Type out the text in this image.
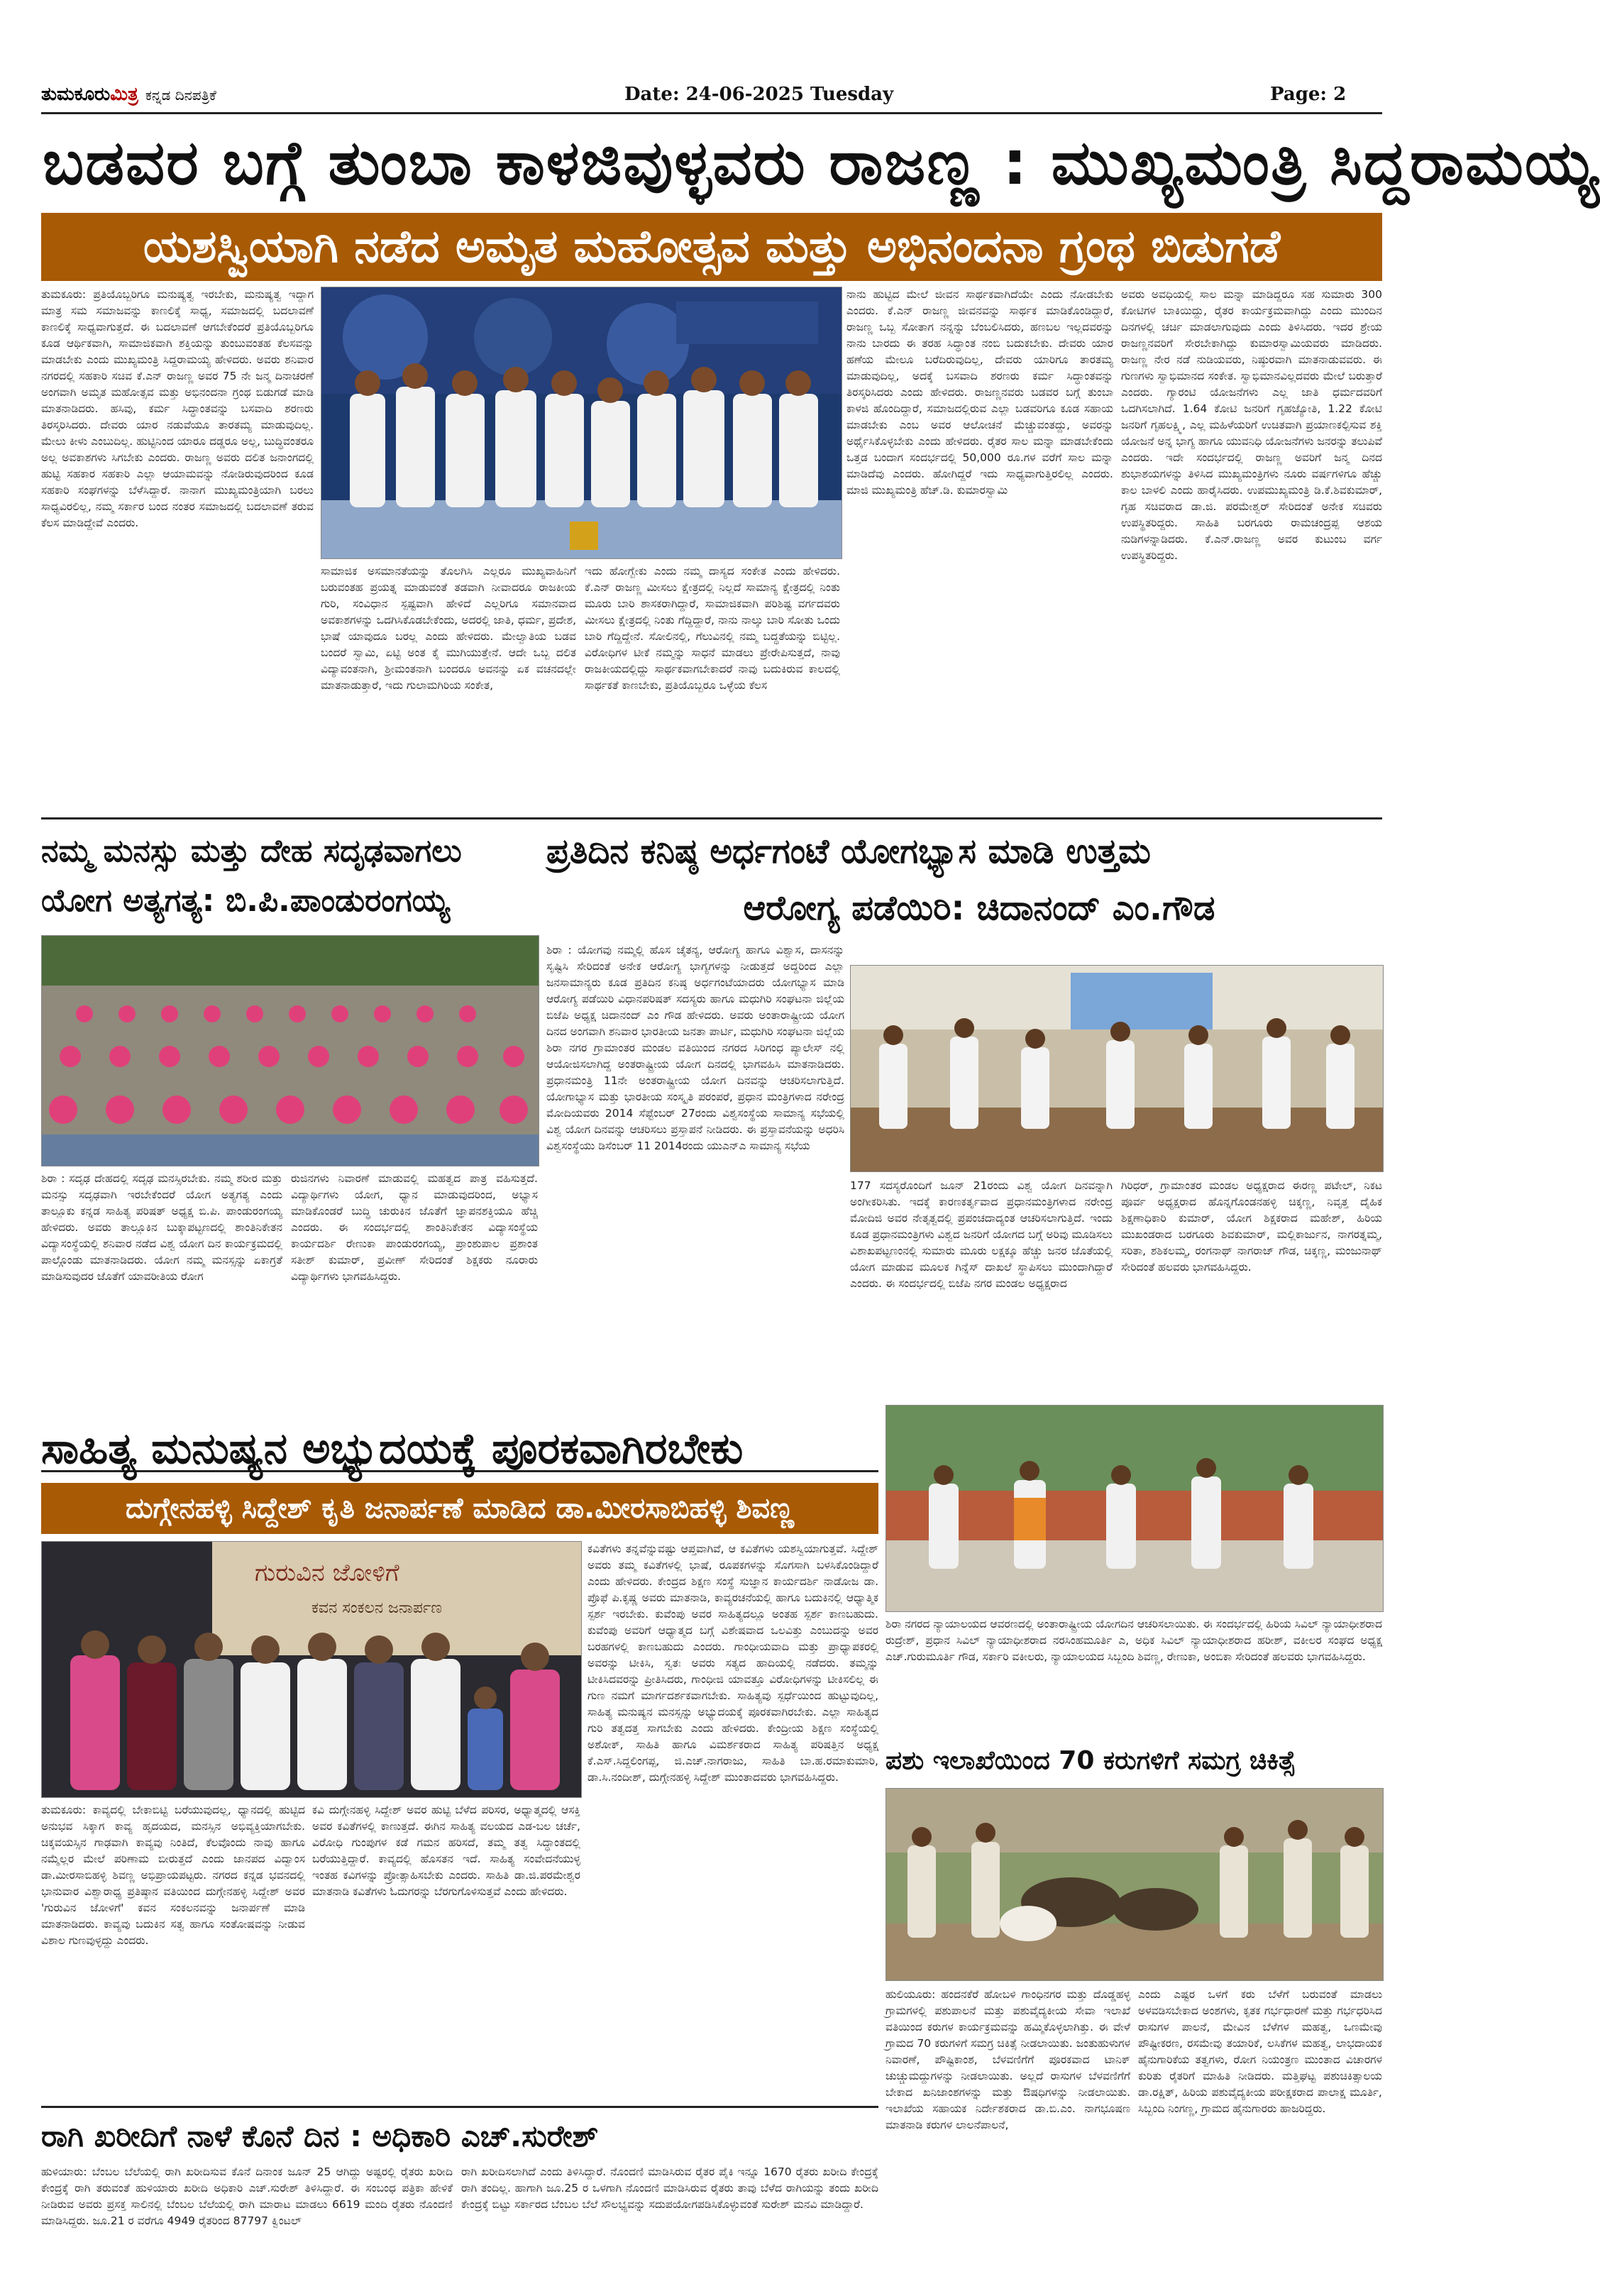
ತುಮಕೂರುಮಿತ್ರ ಕನ್ನಡ ದಿನಪತ್ರಿಕೆ	Date: 24-06-2025 Tuesday	Page: 2
ಬಡವರ ಬಗ್ಗೆ ತುಂಬಾ ಕಾಳಜಿವುಳ್ಳವರು ರಾಜಣ್ಣ : ಮುಖ್ಯಮಂತ್ರಿ ಸಿದ್ದರಾಮಯ್ಯ
ಯಶಸ್ವಿಯಾಗಿ ನಡೆದ ಅಮೃತ ಮಹೋತ್ಸವ ಮತ್ತು ಅಭಿನಂದನಾ ಗ್ರಂಥ ಬಿಡುಗಡೆ
ತುಮಕೂರು: ಪ್ರತಿಯೊಬ್ಬರಿಗೂ ಮನುಷ್ಯತ್ವ ಇರಬೇಕು, ಮನುಷ್ಯತ್ವ ಇದ್ದಾಗ ಮಾತ್ರ ಸಮ ಸಮಾಜವನ್ನು ಕಾಣಲಿಕ್ಕೆ ಸಾಧ್ಯ, ಸಮಾಜದಲ್ಲಿ ಬದಲಾವಣೆ ಕಾಣಲಿಕ್ಕೆ ಸಾಧ್ಯವಾಗುತ್ತದೆ. ಈ ಬದಲಾವಣೆ ಆಗಬೇಕೆಂದರೆ ಪ್ರತಿಯೊಬ್ಬರಿಗೂ ಕೂಡ ಆರ್ಥಿಕವಾಗಿ, ಸಾಮಾಜಿಕವಾಗಿ ಶಕ್ತಿಯನ್ನು ತುಂಬುವಂತಹ ಕೆಲಸವನ್ನು ಮಾಡಬೇಕು ಎಂದು ಮುಖ್ಯಮಂತ್ರಿ ಸಿದ್ದರಾಮಯ್ಯ ಹೇಳಿದರು. ಅವರು ಶನಿವಾರ ನಗರದಲ್ಲಿ ಸಹಕಾರಿ ಸಚಿವ ಕೆ.ಎನ್ ರಾಜಣ್ಣ ಅವರ 75 ನೇ ಜನ್ಮ ದಿನಾಚರಣೆ ಅಂಗವಾಗಿ ಅಮೃತ ಮಹೋತ್ಸವ ಮತ್ತು ಅಭಿನಂದನಾ ಗ್ರಂಥ ಬಿಡುಗಡೆ ಮಾಡಿ ಮಾತನಾಡಿದರು. ಹಸಿವು, ಕರ್ಮ ಸಿದ್ಧಾಂತವನ್ನು ಬಸವಾದಿ ಶರಣರು ತಿರಸ್ಕರಿಸಿದರು. ದೇವರು ಯಾರ ನಡುವೆಯೂ ತಾರತಮ್ಯ ಮಾಡುವುದಿಲ್ಲ. ಮೇಲು ಕೀಳು ಎಂಬುದಿಲ್ಲ. ಹುಟ್ಟಿನಿಂದ ಯಾರೂ ದಡ್ಡರೂ ಅಲ್ಲ, ಬುದ್ಧಿವಂತರೂ ಅಲ್ಲ ಅವಕಾಶಗಳು ಸಿಗಬೇಕು ಎಂದರು. ರಾಜಣ್ಣ ಅವರು ದಲಿತ ಜನಾಂಗದಲ್ಲಿ ಹುಟ್ಟಿ ಸಹಕಾರ ಸಹಕಾರಿ ಎಲ್ಲಾ ಆಯಾಮವನ್ನು ನೋಡಿರುವುದರಿಂದ ಕೂಡ ಸಹಕಾರಿ ಸಂಘಗಳನ್ನು ಬೆಳೆಸಿದ್ದಾರೆ. ನಾನಾಗ ಮುಖ್ಯಮಂತ್ರಿಯಾಗಿ ಬರಲು ಸಾಧ್ಯವಿರಲಿಲ್ಲ, ನಮ್ಮ ಸರ್ಕಾರ ಬಂದ ನಂತರ ಸಮಾಜದಲ್ಲಿ ಬದಲಾವಣೆ ತರುವ ಕೆಲಸ ಮಾಡಿದ್ದೇವೆ ಎಂದರು.
ಸಾಮಾಜಿಕ ಅಸಮಾನತೆಯನ್ನು ತೊಲಗಿಸಿ ಎಲ್ಲರೂ ಮುಖ್ಯವಾಹಿನಿಗೆ ಬರುವಂತಹ ಪ್ರಯತ್ನ ಮಾಡುವಂತೆ ತಡವಾಗಿ ನೀವಾದರೂ ರಾಜಕೀಯ ಗುರಿ, ಸಂವಿಧಾನ ಸ್ಪಷ್ಟವಾಗಿ ಹೇಳಿದೆ ಎಲ್ಲರಿಗೂ ಸಮಾನವಾದ ಅವಕಾಶಗಳನ್ನು ಒದಗಿಸಿಕೊಡಬೇಕೆಂದು, ಅದರಲ್ಲಿ ಜಾತಿ, ಧರ್ಮ, ಪ್ರದೇಶ, ಭಾಷೆ ಯಾವುದೂ ಬರಲ್ಲ ಎಂದು ಹೇಳಿದರು. ಮೇಲ್ವಾತಿಯ ಬಡವ ಬಂದರೆ ಸ್ವಾಮಿ, ಏಟ್ಟಿ ಅಂತ ಕೈ ಮುಗಿಯುತ್ತೇನೆ. ಆದೇ ಒಬ್ಬ ದಲಿತ ವಿದ್ಯಾವಂತನಾಗಿ, ಶ್ರೀಮಂತನಾಗಿ ಬಂದರೂ ಅವನನ್ನು ಏಕ ವಚನದಲ್ಲೇ ಮಾತನಾಡುತ್ತಾರೆ, ಇದು ಗುಲಾಮಗಿರಿಯ ಸಂಕೇತ,
ಇದು ಹೋಗ್ಬೇಕು ಎಂದು ನಮ್ಮ ದಾಸ್ಯದ ಸಂಕೇತ ಎಂದು ಹೇಳಿದರು. ಕೆ.ಎನ್ ರಾಜಣ್ಣ ಮೀಸಲು ಕ್ಷೇತ್ರದಲ್ಲಿ ನಿಲ್ಲದೆ ಸಾಮಾನ್ಯ ಕ್ಷೇತ್ರದಲ್ಲಿ ನಿಂತು ಮೂರು ಬಾರಿ ಶಾಸಕರಾಗಿದ್ದಾರೆ, ಸಾಮಾಜಿಕವಾಗಿ ಪರಿಶಿಷ್ಟ ವರ್ಗದವರು ಮೀಸಲು ಕ್ಷೇತ್ರದಲ್ಲಿ ನಿಂತು ಗೆದ್ದಿದ್ದಾರೆ, ನಾನು ನಾಲ್ಕು ಬಾರಿ ಸೋತು ಒಂದು ಬಾರಿ ಗೆದ್ದಿದ್ದೇನೆ. ಸೋಲಿನಲ್ಲಿ, ಗೆಲುವಿನಲ್ಲಿ ನಮ್ಮ ಬದ್ಧತೆಯನ್ನು ಬಿಟ್ಟಿಲ್ಲ. ವಿರೋಧಿಗಳ ಟೀಕೆ ನಮ್ಮನ್ನು ಸಾಧನೆ ಮಾಡಲು ಪ್ರೇರೇಪಿಸುತ್ತದೆ, ನಾವು ರಾಜಕೀಯದಲ್ಲಿದ್ದು ಸಾರ್ಥಕವಾಗಬೇಕಾದರೆ ನಾವು ಬದುಕಿರುವ ಕಾಲದಲ್ಲಿ ಸಾರ್ಥಕತೆ ಕಾಣಬೇಕು, ಪ್ರತಿಯೊಬ್ಬರೂ ಒಳ್ಳೆಯ ಕೆಲಸ
ನಾನು ಹುಟ್ಟಿದ ಮೇಲೆ ಜೀವನ ಸಾರ್ಥಕವಾಗಿದೆಯೇ ಎಂದು ನೋಡಬೇಕು ಎಂದರು. ಕೆ.ಎನ್ ರಾಜಣ್ಣ ಜೀವನವನ್ನು ಸಾರ್ಥಕ ಮಾಡಿಕೊಂಡಿದ್ದಾರೆ, ರಾಜಣ್ಣ ಒಬ್ಬ ಸೋತಾಗ ನನ್ನನ್ನು ಬೆಂಬಲಿಸಿದರು, ಹಣಬಲ ಇಲ್ಲದವರನ್ನು ನಾನು ಬಾರದು ಈ ತರಹ ಸಿದ್ಧಾಂತ ನಂಬಿ ಬದುಕಬೇಕು. ದೇವರು ಯಾರ ಹಣೆಯ ಮೇಲೂ ಬರೆದಿರುವುದಿಲ್ಲ, ದೇವರು ಯಾರಿಗೂ ತಾರತಮ್ಯ ಮಾಡುವುದಿಲ್ಲ, ಅದಕ್ಕೆ ಬಸವಾದಿ ಶರಣರು ಕರ್ಮ ಸಿದ್ಧಾಂತವನ್ನು ತಿರಸ್ಕರಿಸಿದರು ಎಂದು ಹೇಳಿದರು. ರಾಜಣ್ಣನವರು ಬಡವರ ಬಗ್ಗೆ ತುಂಬಾ ಕಾಳಜಿ ಹೊಂದಿದ್ದಾರೆ, ಸಮಾಜದಲ್ಲಿರುವ ಎಲ್ಲಾ ಬಡವರಿಗೂ ಕೂಡ ಸಹಾಯ ಮಾಡಬೇಕು ಎಂಬ ಅವರ ಆಲೋಚನೆ ಮೆಚ್ಚುವಂತದ್ದು, ಅವರನ್ನು ಅರ್ಥೈಸಿಕೊಳ್ಳಬೇಕು ಎಂದು ಹೇಳಿದರು. ರೈತರ ಸಾಲ ಮನ್ನಾ ಮಾಡಬೇಕೆಂದು ಒತ್ತಡ ಬಂದಾಗ ಸಂದರ್ಭದಲ್ಲಿ 50,000 ರೂ.ಗಳ ವರೆಗೆ ಸಾಲ ಮನ್ನಾ ಮಾಡಿದೆವು ಎಂದರು. ಹೋಗಿದ್ದರೆ ಇದು ಸಾಧ್ಯವಾಗುತ್ತಿರಲಿಲ್ಲ ಎಂದರು. ಮಾಜಿ ಮುಖ್ಯಮಂತ್ರಿ ಹೆಚ್.ಡಿ. ಕುಮಾರಸ್ವಾಮಿ
ಅವರು ಅವಧಿಯಲ್ಲಿ ಸಾಲ ಮನ್ನಾ ಮಾಡಿದ್ದರೂ ಸಹ ಸುಮಾರು 300 ಕೋಟಿಗಳ ಬಾಕಿಯಿದ್ದು, ರೈತರ ಕಾರ್ಯಕ್ರಮವಾಗಿದ್ದು ಎಂದು ಮುಂದಿನ ದಿನಗಳಲ್ಲಿ ಚರ್ಚಿ ಮಾಡಲಾಗುವುದು ಎಂದು ತಿಳಿಸಿದರು. ಇದರ ಶ್ರೇಯ ರಾಜಣ್ಣನವರಿಗೆ ಸೇರಬೇಕಾಗಿದ್ದು ಕುಮಾರಸ್ವಾಮಿಯವರು ಮಾಡಿದರು. ರಾಜಣ್ಣ ನೇರ ನಡೆ ನುಡಿಯವರು, ನಿಷ್ಠುರವಾಗಿ ಮಾತನಾಡುವವರು. ಈ ಗುಣಗಳು ಸ್ವಾಭಿಮಾನದ ಸಂಕೇತ. ಸ್ವಾಭಿಮಾನವಿಲ್ಲದವರು ಮೇಲೆ ಬರುತ್ತಾರೆ ಎಂದರು. ಗ್ಯಾರಂಟಿ ಯೋಜನೆಗಳು ಎಲ್ಲ ಜಾತಿ ಧರ್ಮದವರಿಗೆ ಒದಗಿಸಲಾಗಿದೆ. 1.64 ಕೋಟಿ ಜನರಿಗೆ ಗೃಹಜ್ಯೋತಿ, 1.22 ಕೋಟಿ ಜನರಿಗೆ ಗೃಹಲಕ್ಷ್ಮಿ, ಎಲ್ಲ ಮಹಿಳೆಯರಿಗೆ ಉಚಿತವಾಗಿ ಪ್ರಯಾಣಕಲ್ಪಿಸುವ ಶಕ್ತಿ ಯೋಜನೆ ಅನ್ನ ಭಾಗ್ಯ ಹಾಗೂ ಯುವನಿಧಿ ಯೋಜನೆಗಳು ಜನರನ್ನು ತಲುಪಿವೆ ಎಂದರು. ಇದೇ ಸಂದರ್ಭದಲ್ಲಿ ರಾಜಣ್ಣ ಅವರಿಗೆ ಜನ್ಮ ದಿನದ ಶುಭಾಶಯಗಳನ್ನು ತಿಳಿಸಿದ ಮುಖ್ಯಮಂತ್ರಿಗಳು ನೂರು ವರ್ಷಗಳಿಗೂ ಹೆಚ್ಚು ಕಾಲ ಬಾಳಲಿ ಎಂದು ಹಾರೈಸಿದರು. ಉಪಮುಖ್ಯಮಂತ್ರಿ ಡಿ.ಕೆ.ಶಿವಕುಮಾರ್, ಗೃಹ ಸಚಿವರಾದ ಡಾ.ಜಿ. ಪರಮೇಶ್ವರ್ ಸೇರಿದಂತೆ ಅನೇಕ ಸಚಿವರು ಉಪಸ್ಥಿತರಿದ್ದರು. ಸಾಹಿತಿ ಬರಗೂರು ರಾಮಚಂದ್ರಪ್ಪ ಆಶಯ ನುಡಿಗಳನ್ನಾಡಿದರು. ಕೆ.ಎನ್.ರಾಜಣ್ಣ ಅವರ ಕುಟುಂಬ ವರ್ಗ ಉಪಸ್ಥಿತರಿದ್ದರು.
ನಮ್ಮ ಮನಸ್ಸು ಮತ್ತು ದೇಹ ಸದೃಢವಾಗಲು
ಯೋಗ ಅತ್ಯಗತ್ಯ: ಬಿ.ಪಿ.ಪಾಂಡುರಂಗಯ್ಯ
ಶಿರಾ : ಸದೃಢ ದೇಹದಲ್ಲಿ ಸದೃಢ ಮನಸ್ಸಿರಬೇಕು. ನಮ್ಮ ಶರೀರ ಮತ್ತು ಮನಸ್ಸು ಸದೃಢವಾಗಿ ಇರಬೇಕೆಂದರೆ ಯೋಗ ಅತ್ಯಗತ್ಯ ಎಂದು ತಾಲ್ಲೂಕು ಕನ್ನಡ ಸಾಹಿತ್ಯ ಪರಿಷತ್ ಅಧ್ಯಕ್ಷ ಬಿ.ಪಿ. ಪಾಂಡುರಂಗಯ್ಯ ಹೇಳಿದರು. ಅವರು ತಾಲ್ಲೂಕಿನ ಬುಕ್ಕಾಪಟ್ಟಣದಲ್ಲಿ ಶಾಂತಿನಿಕೇತನ ವಿದ್ಯಾಸಂಸ್ಥೆಯಲ್ಲಿ ಶನಿವಾರ ನಡೆದ ವಿಶ್ವ ಯೋಗ ದಿನ ಕಾರ್ಯಕ್ರಮದಲ್ಲಿ ಪಾಲ್ಗೊಂಡು ಮಾತನಾಡಿದರು. ಯೋಗ ನಮ್ಮ ಮನಸ್ಸನ್ನು ಏಕಾಗ್ರತೆ ಮಾಡಿಸುವುದರ ಜೊತೆಗೆ ಯಾವರೀತಿಯ ರೋಗ
ರುಜಿನಗಳು ನಿವಾರಣೆ ಮಾಡುವಲ್ಲಿ ಮಹತ್ವದ ಪಾತ್ರ ವಹಿಸುತ್ತದೆ. ವಿದ್ಯಾರ್ಥಿಗಳು ಯೋಗ, ಧ್ಯಾನ ಮಾಡುವುದರಿಂದ, ಅಭ್ಯಾಸ ಮಾಡಿಕೊಂಡರೆ ಬುದ್ಧಿ ಚುರುಕಿನ ಜೊತೆಗೆ ಜ್ಞಾಪನಶಕ್ತಿಯೂ ಹೆಚ್ಚಿ ಎಂದರು. ಈ ಸಂದರ್ಭದಲ್ಲಿ ಶಾಂತಿನಿಕೇತನ ವಿದ್ಯಾಸಂಸ್ಥೆಯ ಕಾರ್ಯದರ್ಶಿ ರೇಣುಕಾ ಪಾಂಡುರಂಗಯ್ಯ, ಪ್ರಾಂಶುಪಾಲ ಪ್ರಶಾಂತ ಸತೀಶ್ ಕುಮಾರ್, ಪ್ರವೀಣ್ ಸೇರಿದಂತೆ ಶಿಕ್ಷಕರು ನೂರಾರು ವಿದ್ಯಾರ್ಥಿಗಳು ಭಾಗವಹಿಸಿದ್ದರು.
ಪ್ರತಿದಿನ ಕನಿಷ್ಠ ಅರ್ಧಗಂಟೆ ಯೋಗಭ್ಯಾಸ ಮಾಡಿ ಉತ್ತಮ
ಆರೋಗ್ಯ ಪಡೆಯಿರಿ: ಚಿದಾನಂದ್ ಎಂ.ಗೌಡ
ಶಿರಾ : ಯೋಗವು ನಮ್ಮಲ್ಲಿ ಹೊಸ ಚೈತನ್ಯ, ಆರೋಗ್ಯ ಹಾಗೂ ವಿಶ್ವಾಸ, ದಾಸನನ್ನು ಸೃಷ್ಟಿಸಿ ಸೇರಿದಂತೆ ಅನೇಕ ಆರೋಗ್ಯ ಭಾಗ್ಯಗಳನ್ನು ನೀಡುತ್ತದೆ ಅದ್ದರಿಂದ ಎಲ್ಲಾ ಜನಸಾಮಾನ್ಯರು ಕೂಡ ಪ್ರತಿದಿನ ಕನಿಷ್ಠ ಅರ್ಧಗಂಟೆಯಾದರು ಯೋಗಭ್ಯಾಸ ಮಾಡಿ ಆರೋಗ್ಯ ಪಡೆಯಿರಿ ವಿಧಾನಪರಿಷತ್ ಸದಸ್ಯರು ಹಾಗೂ ಮಧುಗಿರಿ ಸಂಘಟನಾ ಜಿಲ್ಲೆಯ ಬಿಜೆಪಿ ಅಧ್ಯಕ್ಷ ಚಿದಾನಂದ್ ಎಂ ಗೌಡ ಹೇಳಿದರು. ಅವರು ಅಂತಾರಾಷ್ಟ್ರೀಯ ಯೋಗ ದಿನದ ಅಂಗವಾಗಿ ಶನಿವಾರ ಭಾರತೀಯ ಜನತಾ ಪಾರ್ಟಿ, ಮಧುಗಿರಿ ಸಂಘಟನಾ ಜಿಲ್ಲೆಯ ಶಿರಾ ನಗರ ಗ್ರಾಮಾಂತರ ಮಂಡಲ ವತಿಯಿಂದ ನಗರದ ಸಿರಿಗಂಧ ಪ್ಯಾಲೇಸ್ ನಲ್ಲಿ ಆಯೋಜಿಸಲಾಗಿದ್ದ ಅಂತರಾಷ್ಟ್ರೀಯ ಯೋಗ ದಿನದಲ್ಲಿ ಭಾಗವಹಿಸಿ ಮಾತನಾಡಿದರು. ಪ್ರಧಾನಮಂತ್ರಿ 11ನೇ ಅಂತರಾಷ್ಟ್ರೀಯ ಯೋಗ ದಿನವನ್ನು ಆಚರಿಸಲಾಗುತ್ತಿದೆ. ಯೋಗಾಭ್ಯಾಸ ಮತ್ತು ಭಾರತೀಯ ಸಂಸ್ಕೃತಿ ಪರಂಪರೆ, ಪ್ರಧಾನ ಮಂತ್ರಿಗಳಾದ ನರೇಂದ್ರ ಮೋದಿಯವರು 2014 ಸೆಪ್ಟೆಂಬರ್ 27ರಂದು ವಿಶ್ವಸಂಸ್ಥೆಯ ಸಾಮಾನ್ಯ ಸಭೆಯಲ್ಲಿ ವಿಶ್ವ ಯೋಗ ದಿನವನ್ನು ಆಚರಿಸಲು ಪ್ರಸ್ತಾಪನೆ ನೀಡಿದರು. ಈ ಪ್ರಸ್ತಾವನೆಯನ್ನು ಅಧರಿಸಿ ವಿಶ್ವಸಂಸ್ಥೆಯು ಡಿಸೆಂಬರ್ 11 2014ರಂದು ಯುಎನ್ಎ ಸಾಮಾನ್ಯ ಸಭೆಯ
177 ಸದಸ್ಯರೊಂದಿಗೆ ಜೂನ್ 21ರಂದು ವಿಶ್ವ ಯೋಗ ದಿನವನ್ನಾಗಿ ಅಂಗೀಕರಿಸಿತು. ಇದಕ್ಕೆ ಕಾರಣಕರ್ತೃವಾದ ಪ್ರಧಾನಮಂತ್ರಿಗಳಾದ ನರೇಂದ್ರ ಮೋದಿಜಿ ಅವರ ನೇತೃತ್ವದಲ್ಲಿ ಪ್ರಪಂಚದಾದ್ಯಂತ ಆಚರಿಸಲಾಗುತ್ತಿದೆ. ಇಂದು ಕೂಡ ಪ್ರಧಾನಮಂತ್ರಿಗಳು ವಿಶ್ವದ ಜನರಿಗೆ ಯೋಗದ ಬಗ್ಗೆ ಅರಿವು ಮೂಡಿಸಲು ವಿಶಾಖಪಟ್ಟಣಂನಲ್ಲಿ ಸುಮಾರು ಮೂರು ಲಕ್ಷಕ್ಕೂ ಹೆಚ್ಚು ಜನರ ಜೊತೆಯಲ್ಲಿ ಯೋಗ ಮಾಡುವ ಮೂಲಕ ಗಿನ್ನೆಸ್ ದಾಖಲೆ ಸ್ಥಾಪಿಸಲು ಮುಂದಾಗಿದ್ದಾರೆ ಎಂದರು. ಈ ಸಂದರ್ಭದಲ್ಲಿ ಬಿಜೆಪಿ ನಗರ ಮಂಡಲ ಅಧ್ಯಕ್ಷರಾದ
ಗಿರಿಧರ್, ಗ್ರಾಮಾಂತರ ಮಂಡಲ ಅಧ್ಯಕ್ಷರಾದ ಈರಣ್ಣ ಪಟೇಲ್, ನಿಕಟ ಪೂರ್ವ ಅಧ್ಯಕ್ಷರಾದ ಹೊನ್ನಗೊಂಡನಹಳ್ಳಿ ಚಿಕ್ಕಣ್ಣ, ನಿವೃತ್ತ ದೈಹಿಕ ಶಿಕ್ಷಣಾಧಿಕಾರಿ ಕುಮಾರ್, ಯೋಗ ಶಿಕ್ಷಕರಾದ ಮಹೇಶ್, ಹಿರಿಯ ಮುಖಂಡರಾದ ಬರಗೂರು ಶಿವಕುಮಾರ್, ಮಲ್ಲಿಕಾರ್ಜುನ, ನಾಗರತ್ನಮ್ಮ, ಸರಿತಾ, ಶಶಿಕಲಮ್ಮ, ರಂಗನಾಥ್ ನಾಗರಾಜ್ ಗೌಡ, ಚಿಕ್ಕಣ್ಣ, ಮಂಜುನಾಥ್ ಸೇರಿದಂತೆ ಹಲವರು ಭಾಗವಹಿಸಿದ್ದರು.
ಸಾಹಿತ್ಯ ಮನುಷ್ಯನ ಅಭ್ಯುದಯಕ್ಕೆ ಪೂರಕವಾಗಿರಬೇಕು
ದುಗ್ಗೇನಹಳ್ಳಿ ಸಿದ್ದೇಶ್ ಕೃತಿ ಜನಾರ್ಪಣೆ ಮಾಡಿದ ಡಾ.ಮೀರಸಾಬಿಹಳ್ಳಿ ಶಿವಣ್ಣ
ಗುರುವಿನ ಜೋಳಿಗೆ
ಕವನ ಸಂಕಲನ ಜನಾರ್ಪಣ
ಕವಿತೆಗಳು ತನ್ನವೆನ್ನುವಷ್ಟು ಆಪ್ತವಾಗಿವೆ, ಆ ಕವಿತೆಗಳು ಯಶಸ್ವಿಯಾಗುತ್ತವೆ. ಸಿದ್ದೇಶ್ ಅವರು ತಮ್ಮ ಕವಿತೆಗಳಲ್ಲಿ ಭಾಷೆ, ರೂಪಕಗಳನ್ನು ಸೊಗಸಾಗಿ ಬಳಸಿಕೊಂಡಿದ್ದಾರೆ ಎಂದು ಹೇಳಿದರು. ಕೇಂದ್ರದ ಶಿಕ್ಷಣ ಸಂಸ್ಥೆ ಸುಜ್ಞಾನ ಕಾರ್ಯದರ್ಶಿ ನಾಡೋಜ ಡಾ. ಪ್ರೊಫೆ ಪಿ.ಕೃಷ್ಣ ಅವರು ಮಾತನಾಡಿ, ಕಾವ್ಯರಚನೆಯಲ್ಲಿ ಹಾಗೂ ಬದುಕಿನಲ್ಲಿ ಆಧ್ಯಾತ್ಮಿಕ ಸ್ಪರ್ಶ ಇರಬೇಕು. ಕುವೆಂಪು ಅವರ ಸಾಹಿತ್ಯದಲ್ಲೂ ಅಂತಹ ಸ್ಪರ್ಶ ಕಾಣಬಹುದು. ಕುವೆಂಪು ಅವರಿಗೆ ಆಧ್ಯಾತ್ಮದ ಬಗ್ಗೆ ವಿಶೇಷವಾದ ಒಲವಿತ್ತು ಎಂಬುದನ್ನು ಅವರ ಬರಹಗಳಲ್ಲಿ ಕಾಣಬಹುದು ಎಂದರು. ಗಾಂಧೀಯವಾದಿ ಮತ್ತು ಪ್ರಾಧ್ಯಾಪಕರಲ್ಲಿ ಅವರನ್ನು ಟೀಕಿಸಿ, ಸ್ವತಃ ಅವರು ಸತ್ಯದ ಹಾದಿಯಲ್ಲಿ ನಡೆದರು. ತಮ್ಮನ್ನು ಟೀಕಿಸಿದವರನ್ನು ಪ್ರೀತಿಸಿದರು, ಗಾಂಧೀಜಿ ಯಾವತ್ತೂ ವಿರೋಧಿಗಳನ್ನು ಟೀಕಿಸಲಿಲ್ಲ ಈ ಗುಣ ನಮಗೆ ಮಾರ್ಗದರ್ಶಕವಾಗಬೇಕು. ಸಾಹಿತ್ಯವು ಸ್ಪರ್ಧೆಯಿಂದ ಹುಟ್ಟುವುದಿಲ್ಲ, ಸಾಹಿತ್ಯ ಮನುಷ್ಯನ ಮನಸ್ಸನ್ನು ಅಭ್ಯುದಯಕ್ಕೆ ಪೂರಕವಾಗಿರಬೇಕು. ಎಲ್ಲಾ ಸಾಹಿತ್ಯದ ಗುರಿ ತತ್ವದತ್ತ ಸಾಗಬೇಕು ಎಂದು ಹೇಳಿದರು. ಕೇಂದ್ರೀಯ ಶಿಕ್ಷಣ ಸಂಸ್ಥೆಯಲ್ಲಿ ಅಶೋಕ್, ಸಾಹಿತಿ ಹಾಗೂ ವಿಮರ್ಶಕರಾದ ಸಾಹಿತ್ಯ ಪರಿಷತ್ತಿನ ಅಧ್ಯಕ್ಷ ಕೆ.ಎಸ್.ಸಿದ್ದಲಿಂಗಪ್ಪ, ಜಿ.ಎಚ್.ನಾಗರಾಜು, ಸಾಹಿತಿ ಬಾ.ಹ.ರಮಾಕುಮಾರಿ, ಡಾ.ಸಿ.ನಂದೀಶ್, ದುಗ್ಗೇನಹಳ್ಳಿ ಸಿದ್ದೇಶ್ ಮುಂತಾದವರು ಭಾಗವಹಿಸಿದ್ದರು.
ತುಮಕೂರು: ಕಾವ್ಯದಲ್ಲಿ ಬೇಕಾಬಿಟ್ಟಿ ಬರೆಯುವುದಲ್ಲ, ಧ್ಯಾನದಲ್ಲಿ ಹುಟ್ಟಿದ ಅನುಭವ ಸಿಕ್ಕಾಗ ಕಾವ್ಯ ಹೃದಯದ, ಮನಸ್ಸಿನ ಅಭಿವ್ಯಕ್ತಿಯಾಗಬೇಕು. ಚಿಕ್ಕವಯಸ್ಸಿನ ಗಾಢವಾಗಿ ಕಾವ್ಯವು ನಿಂತಿದೆ, ಕೆಲವೊಂದು ನಾವು ಹಾಗೂ ನಮ್ಮೆಲ್ಲರ ಮೇಲೆ ಪರಿಣಾಮ ಬೀರುತ್ತದೆ ಎಂದು ಜಾನಪದ ವಿದ್ವಾಂಸ ಡಾ.ಮೀರಸಾಬಿಹಳ್ಳಿ ಶಿವಣ್ಣ ಅಭಿಪ್ರಾಯಪಟ್ಟರು. ನಗರದ ಕನ್ನಡ ಭವನದಲ್ಲಿ ಭಾನುವಾರ ವಿಶ್ವಾರಾಧ್ಯ ಪ್ರತಿಷ್ಠಾನ ವತಿಯಿಂದ ದುಗ್ಗೇನಹಳ್ಳಿ ಸಿದ್ದೇಶ್ ಅವರ 'ಗುರುವಿನ ಜೋಳಿಗೆ' ಕವನ ಸಂಕಲನವನ್ನು ಜನಾರ್ಪಣೆ ಮಾಡಿ ಮಾತನಾಡಿದರು. ಕಾವ್ಯವು ಬದುಕಿನ ಸತ್ವ ಹಾಗೂ ಸಂತೋಷವನ್ನು ನೀಡುವ ವಿಶಾಲ ಗುಣವುಳ್ಳದ್ದು ಎಂದರು.
ಕವಿ ದುಗ್ಗೇನಹಳ್ಳಿ ಸಿದ್ದೇಶ್ ಅವರ ಹುಟ್ಟಿ ಬೆಳೆದ ಪರಿಸರ, ಅಧ್ಯಾತ್ಮದಲ್ಲಿ ಆಸಕ್ತಿ ಅವರ ಕವಿತೆಗಳಲ್ಲಿ ಕಾಣುತ್ತದೆ. ಈಗಿನ ಸಾಹಿತ್ಯ ವಲಯದ ಎಡ-ಬಲ ಚರ್ಚೆ, ವಿರೋಧಿ ಗುಂಪುಗಳ ಕಡೆ ಗಮನ ಹರಿಸದೆ, ತಮ್ಮ ತತ್ವ ಸಿದ್ಧಾಂತದಲ್ಲಿ ಬರೆಯುತ್ತಿದ್ದಾರೆ. ಕಾವ್ಯದಲ್ಲಿ ಹೊಸತನ ಇದೆ. ಸಾಹಿತ್ಯ ಸಂವೇದನೆಯುಳ್ಳ ಇಂತಹ ಕವಿಗಳನ್ನು ಪ್ರೋತ್ಸಾಹಿಸಬೇಕು ಎಂದರು. ಸಾಹಿತಿ ಡಾ.ಜಿ.ಪರಮೇಶ್ವರ ಮಾತನಾಡಿ ಕವಿತೆಗಳು ಓದುಗರನ್ನು ಬೆರಗುಗೊಳಿಸುತ್ತವೆ ಎಂದು ಹೇಳಿದರು.
ಶಿರಾ ನಗರದ ನ್ಯಾಯಾಲಯದ ಆವರಣದಲ್ಲಿ ಅಂತಾರಾಷ್ಟ್ರೀಯ ಯೋಗದಿನ ಆಚರಿಸಲಾಯಿತು. ಈ ಸಂದರ್ಭದಲ್ಲಿ ಹಿರಿಯ ಸಿವಿಲ್ ನ್ಯಾಯಾಧೀಶರಾದ ರುದ್ರೇಶ್, ಪ್ರಧಾನ ಸಿವಿಲ್ ನ್ಯಾಯಾಧೀಶರಾದ ನರಸಿಂಹಮೂರ್ತಿ ಎ, ಅಧಿಕ ಸಿವಿಲ್ ನ್ಯಾಯಾಧೀಶರಾದ ಹರೀಶ್, ವಕೀಲರ ಸಂಘದ ಅಧ್ಯಕ್ಷ ಎಚ್.ಗುರುಮೂರ್ತಿ ಗೌಡ, ಸರ್ಕಾರಿ ವಕೀಲರು, ನ್ಯಾಯಾಲಯದ ಸಿಬ್ಬಂದಿ ಶಿವಣ್ಣ, ರೇಣುಕಾ, ಅಂಬಿಕಾ ಸೇರಿದಂತೆ ಹಲವರು ಭಾಗವಹಿಸಿದ್ದರು.
ಪಶು ಇಲಾಖೆಯಿಂದ 70 ಕರುಗಳಿಗೆ ಸಮಗ್ರ ಚಿಕಿತ್ಸೆ
ಹುಲಿಯೂರು: ಹಂದನಕೆರೆ ಹೋಬಳಿ ಗಾಂಧಿನಗರ ಮತ್ತು ದೊಡ್ಡಹಳ್ಳ ಗ್ರಾಮಗಳಲ್ಲಿ ಪಶುಪಾಲನೆ ಮತ್ತು ಪಶುವೈದ್ಯಕೀಯ ಸೇವಾ ಇಲಾಖೆ ವತಿಯಿಂದ ಕರುಗಳ ಕಾರ್ಯಕ್ರಮವನ್ನು ಹಮ್ಮಿಕೊಳ್ಳಲಾಗಿತ್ತು. ಈ ವೇಳೆ ಗ್ರಾಮದ 70 ಕರುಗಳಿಗೆ ಸಮಗ್ರ ಚಿಕಿತ್ಸೆ ನೀಡಲಾಯಿತು. ಜಂತುಹುಳುಗಳ ನಿವಾರಣೆ, ಪೌಷ್ಟಿಕಾಂಶ, ಬೆಳವಣಿಗೆಗೆ ಪೂರಕವಾದ ಟಾನಿಕ್ ಚುಚ್ಚುಮದ್ದುಗಳನ್ನು ನೀಡಲಾಯಿತು. ಅಲ್ಲದೆ ರಾಸುಗಳ ಬೆಳವಣಿಗೆಗೆ ಬೇಕಾದ ಖನಿಜಾಂಶಗಳನ್ನು ಮತ್ತು ಔಷಧಿಗಳನ್ನು ನೀಡಲಾಯಿತು. ಇಲಾಖೆಯ ಸಹಾಯಕ ನಿರ್ದೇಶಕರಾದ ಡಾ.ಬಿ.ಎಂ. ನಾಗಭೂಷಣ ಮಾತನಾಡಿ ಕರುಗಳ ಲಾಲನೆಪಾಲನೆ,
ಎಂದು ಎಷ್ಟರ ಒಳಗೆ ಕರು ಬೆಳೆಗೆ ಬರುವಂತೆ ಮಾಡಲು ಅಳವಡಿಸಬೇಕಾದ ಅಂಶಗಳು, ಕೃತಕ ಗರ್ಭಧಾರಣೆ ಮತ್ತು ಗರ್ಭಧರಿಸಿದ ರಾಸುಗಳ ಪಾಲನೆ, ಮೇವಿನ ಬೆಳೆಗಳ ಮಹತ್ವ, ಒಣಮೇವು ಪೌಷ್ಟೀಕರಣ, ರಸಮೇವು ತಯಾರಿಕೆ, ಲಸಿಕೆಗಳ ಮಹತ್ವ, ಲಾಭದಾಯಕ ಹೈನುಗಾರಿಕೆಯ ತತ್ವಗಳು, ರೋಗ ನಿಯಂತ್ರಣ ಮುಂತಾದ ವಿಚಾರಗಳ ಕುರಿತು ರೈತರಿಗೆ ಮಾಹಿತಿ ನೀಡಿದರು. ಮತ್ತಿಘಟ್ಟ ಪಶುಚಿಕಿತ್ಸಾಲಯ ಡಾ.ರಕ್ಷಿತ್, ಹಿರಿಯ ಪಶುವೈದ್ಯಕೀಯ ಪರೀಕ್ಷಕರಾದ ಪಾಲಾಕ್ಷ ಮೂರ್ತಿ, ಸಿಬ್ಬಂದಿ ನಿಂಗಣ್ಣ, ಗ್ರಾಮದ ಹೈನುಗಾರರು ಹಾಜರಿದ್ದರು.
ರಾಗಿ ಖರೀದಿಗೆ ನಾಳೆ ಕೊನೆ ದಿನ : ಅಧಿಕಾರಿ ಎಚ್.ಸುರೇಶ್
ಹುಳಿಯಾರು: ಬೆಂಬಲ ಬೆಲೆಯಲ್ಲಿ ರಾಗಿ ಖರೀದಿಸುವ ಕೊನೆ ದಿನಾಂಕ ಜೂನ್ 25 ಆಗಿದ್ದು ಅಷ್ಟರಲ್ಲಿ ರೈತರು ಖರೀದಿ ಕೇಂದ್ರಕ್ಕೆ ರಾಗಿ ತರುವಂತೆ ಹುಳಿಯಾರು ಖರೀದಿ ಅಧಿಕಾರಿ ಎಚ್.ಸುರೇಶ್ ತಿಳಿಸಿದ್ದಾರೆ. ಈ ಸಂಬಂಧ ಪತ್ರಿಕಾ ಹೇಳಿಕೆ ನೀಡಿರುವ ಅವರು ಪ್ರಸಕ್ತ ಸಾಲಿನಲ್ಲಿ ಬೆಂಬಲ ಬೆಲೆಯಲ್ಲಿ ರಾಗಿ ಮಾರಾಟ ಮಾಡಲು 6619 ಮಂದಿ ರೈತರು ನೊಂದಣಿ ಮಾಡಿಸಿದ್ದರು. ಜೂ.21 ರ ವರೆಗೂ 4949 ರೈತರಿಂದ 87797 ಕ್ವಿಂಟಲ್
ರಾಗಿ ಖರೀದಿಸಲಾಗಿದೆ ಎಂದು ತಿಳಿಸಿದ್ದಾರೆ. ನೊಂದಣಿ ಮಾಡಿಸಿರುವ ರೈತರ ಪೈಕಿ ಇನ್ನೂ 1670 ರೈತರು ಖರೀದಿ ಕೇಂದ್ರಕ್ಕೆ ರಾಗಿ ತಂದಿಲ್ಲ. ಹಾಗಾಗಿ ಜೂ.25 ರ ಒಳಗಾಗಿ ನೊಂದಣಿ ಮಾಡಿಸಿರುವ ರೈತರು ತಾವು ಬೆಳೆದ ರಾಗಿಯನ್ನು ತಂದು ಖರೀದಿ ಕೇಂದ್ರಕ್ಕೆ ಬಿಟ್ಟು ಸರ್ಕಾರದ ಬೆಂಬಲ ಬೆಲೆ ಸೌಲಭ್ಯವನ್ನು ಸದುಪಯೋಗಪಡಿಸಿಕೊಳ್ಳುವಂತೆ ಸುರೇಶ್ ಮನವಿ ಮಾಡಿದ್ದಾರೆ.
